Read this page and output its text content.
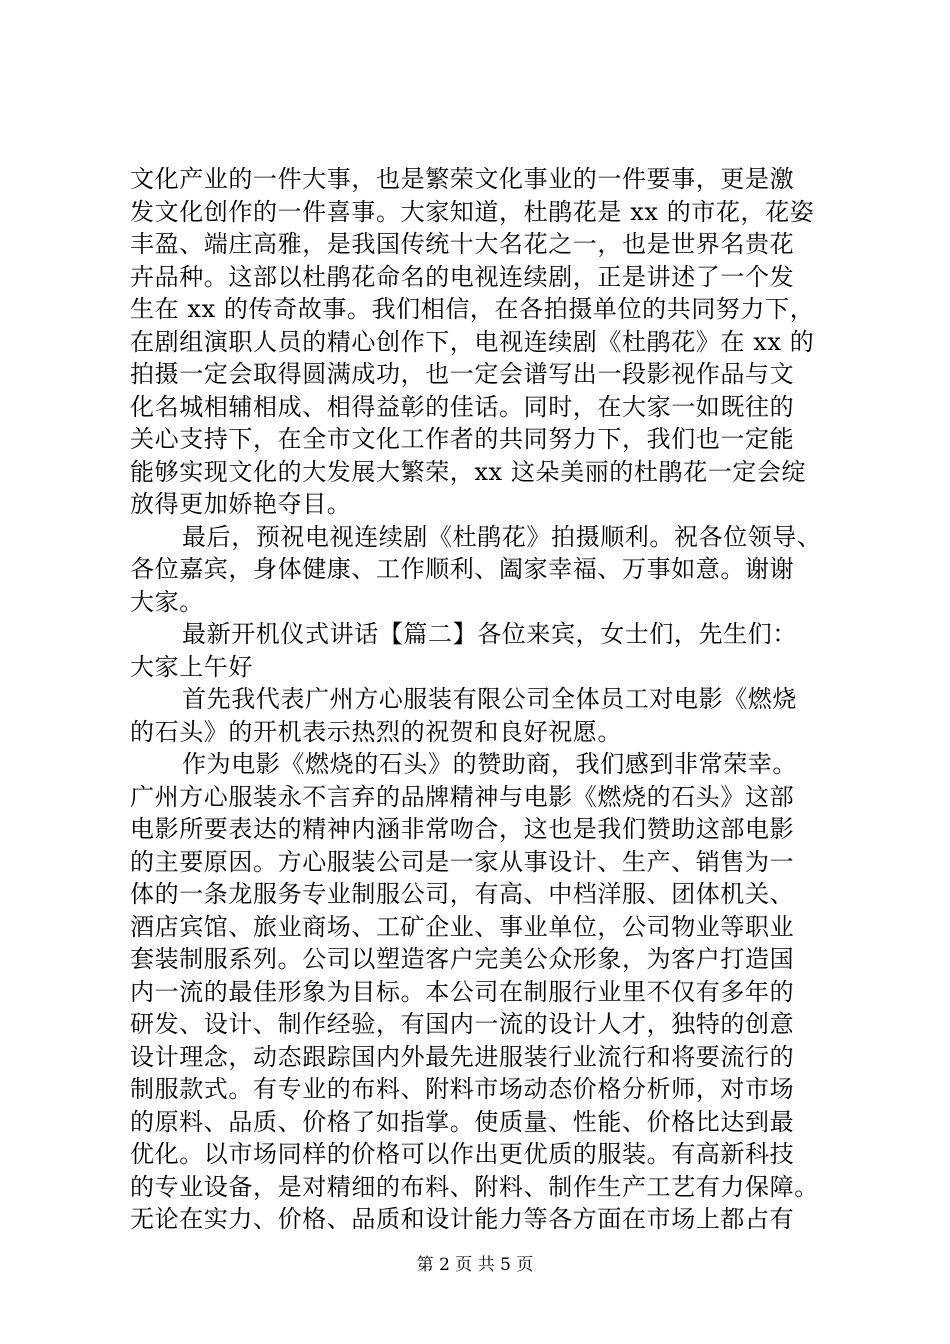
文化产业的一件大事，也是繁荣文化事业的一件要事，更是激
发文化创作的一件喜事。大家知道，杜鹃花是 xx 的市花，花姿
丰盈、端庄高雅，是我国传统十大名花之一，也是世界名贵花
卉品种。这部以杜鹃花命名的电视连续剧，正是讲述了一个发
生在 xx 的传奇故事。我们相信，在各拍摄单位的共同努力下，
在剧组演职人员的精心创作下，电视连续剧《杜鹃花》在 xx 的
拍摄一定会取得圆满成功，也一定会谱写出一段影视作品与文
化名城相辅相成、相得益彰的佳话。同时，在大家一如既往的
关心支持下，在全市文化工作者的共同努力下，我们也一定能
能够实现文化的大发展大繁荣，xx 这朵美丽的杜鹃花一定会绽
放得更加娇艳夺目。
最后，预祝电视连续剧《杜鹃花》拍摄顺利。祝各位领导、
各位嘉宾，身体健康、工作顺利、阖家幸福、万事如意。谢谢
大家。
最新开机仪式讲话【篇二】各位来宾，女士们，先生们：
大家上午好
首先我代表广州方心服装有限公司全体员工对电影《燃烧
的石头》的开机表示热烈的祝贺和良好祝愿。
作为电影《燃烧的石头》的赞助商，我们感到非常荣幸。
广州方心服装永不言弃的品牌精神与电影《燃烧的石头》这部
电影所要表达的精神内涵非常吻合，这也是我们赞助这部电影
的主要原因。方心服装公司是一家从事设计、生产、销售为一
体的一条龙服务专业制服公司，有高、中档洋服、团体机关、
酒店宾馆、旅业商场、工矿企业、事业单位，公司物业等职业
套装制服系列。公司以塑造客户完美公众形象，为客户打造国
内一流的最佳形象为目标。本公司在制服行业里不仅有多年的
研发、设计、制作经验，有国内一流的设计人才，独特的创意
设计理念，动态跟踪国内外最先进服装行业流行和将要流行的
制服款式。有专业的布料、附料市场动态价格分析师，对市场
的原料、品质、价格了如指掌。使质量、性能、价格比达到最
优化。以市场同样的价格可以作出更优质的服装。有高新科技
的专业设备，是对精细的布料、附料、制作生产工艺有力保障。
无论在实力、价格、品质和设计能力等各方面在市场上都占有
第 2 页 共 5 页
